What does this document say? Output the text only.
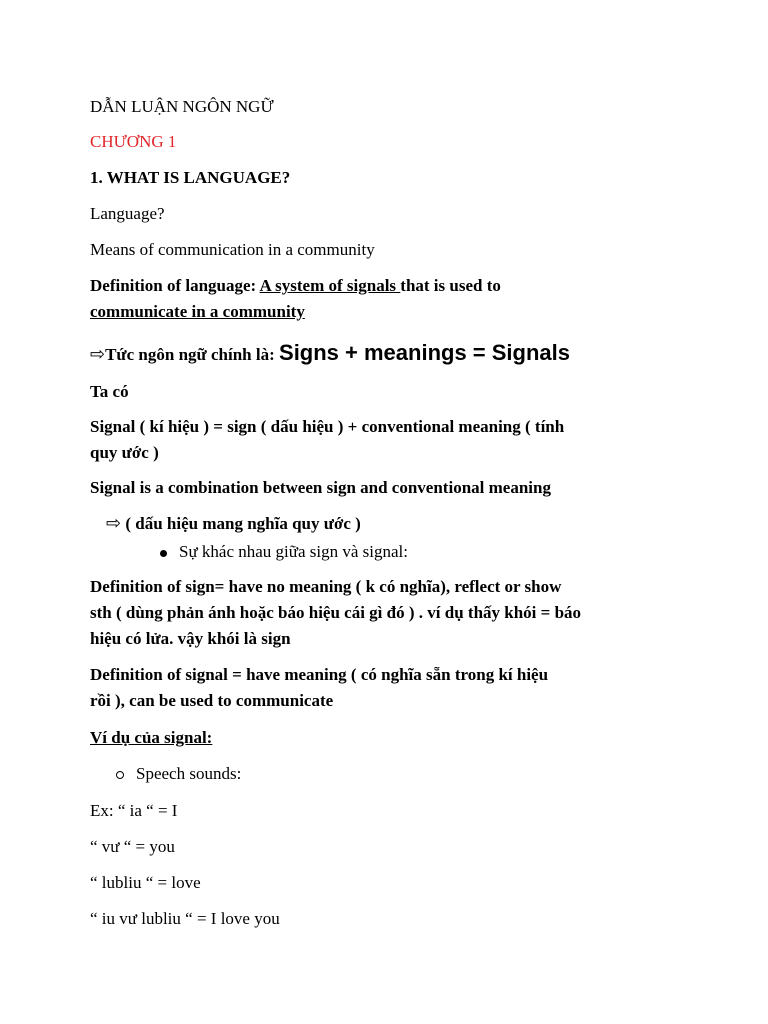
DẪN LUẬN NGÔN NGỮ
CHƯƠNG 1
1. WHAT IS LANGUAGE?
Language?
Means of communication in a community
Definition of language: A system of signals that is used to
communicate in a community
⇨Tức ngôn ngữ chính là: Signs + meanings = Signals
Ta có
Signal ( kí hiệu ) = sign ( dấu hiệu ) + conventional meaning ( tính
quy ước )
Signal is a combination between sign and conventional meaning
⇨ ( dấu hiệu mang nghĩa quy ước )
Sự khác nhau giữa sign và signal:
Definition of sign= have no meaning ( k có nghĩa), reflect or show
sth ( dùng phản ánh hoặc báo hiệu cái gì đó ) . ví dụ thấy khói = báo
hiệu có lửa. vậy khói là sign
Definition of signal = have meaning ( có nghĩa sẵn trong kí hiệu
rồi ), can be used to communicate
Ví dụ của signal:
Speech sounds:
Ex: “ ia “ = I
“ vư “ = you
“ lubliu “ = love
“ iu vư lubliu “ = I love you
